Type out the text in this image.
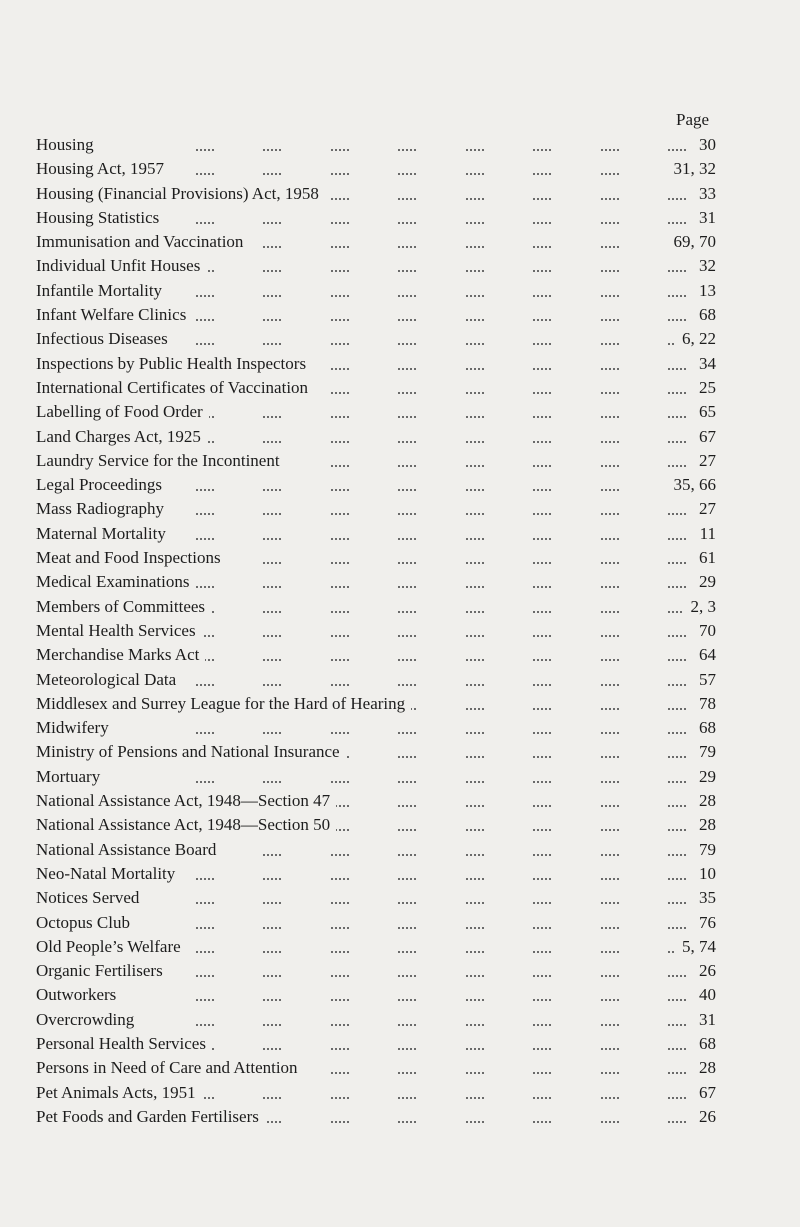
Page
Housing	30
Housing Act, 1957	31, 32
Housing (Financial Provisions) Act, 1958	33
Housing Statistics	31
Immunisation and Vaccination	69, 70
Individual Unfit Houses	32
Infantile Mortality	13
Infant Welfare Clinics	68
Infectious Diseases	6, 22
Inspections by Public Health Inspectors	34
International Certificates of Vaccination	25
Labelling of Food Order	65
Land Charges Act, 1925	67
Laundry Service for the Incontinent	27
Legal Proceedings	35, 66
Mass Radiography	27
Maternal Mortality	11
Meat and Food Inspections	61
Medical Examinations	29
Members of Committees	2, 3
Mental Health Services	70
Merchandise Marks Act	64
Meteorological Data	57
Middlesex and Surrey League for the Hard of Hearing	78
Midwifery	68
Ministry of Pensions and National Insurance	79
Mortuary	29
National Assistance Act, 1948—Section 47	28
National Assistance Act, 1948—Section 50	28
National Assistance Board	79
Neo-Natal Mortality	10
Notices Served	35
Octopus Club	76
Old People’s Welfare	5, 74
Organic Fertilisers	26
Outworkers	40
Overcrowding	31
Personal Health Services	68
Persons in Need of Care and Attention	28
Pet Animals Acts, 1951	67
Pet Foods and Garden Fertilisers	26
